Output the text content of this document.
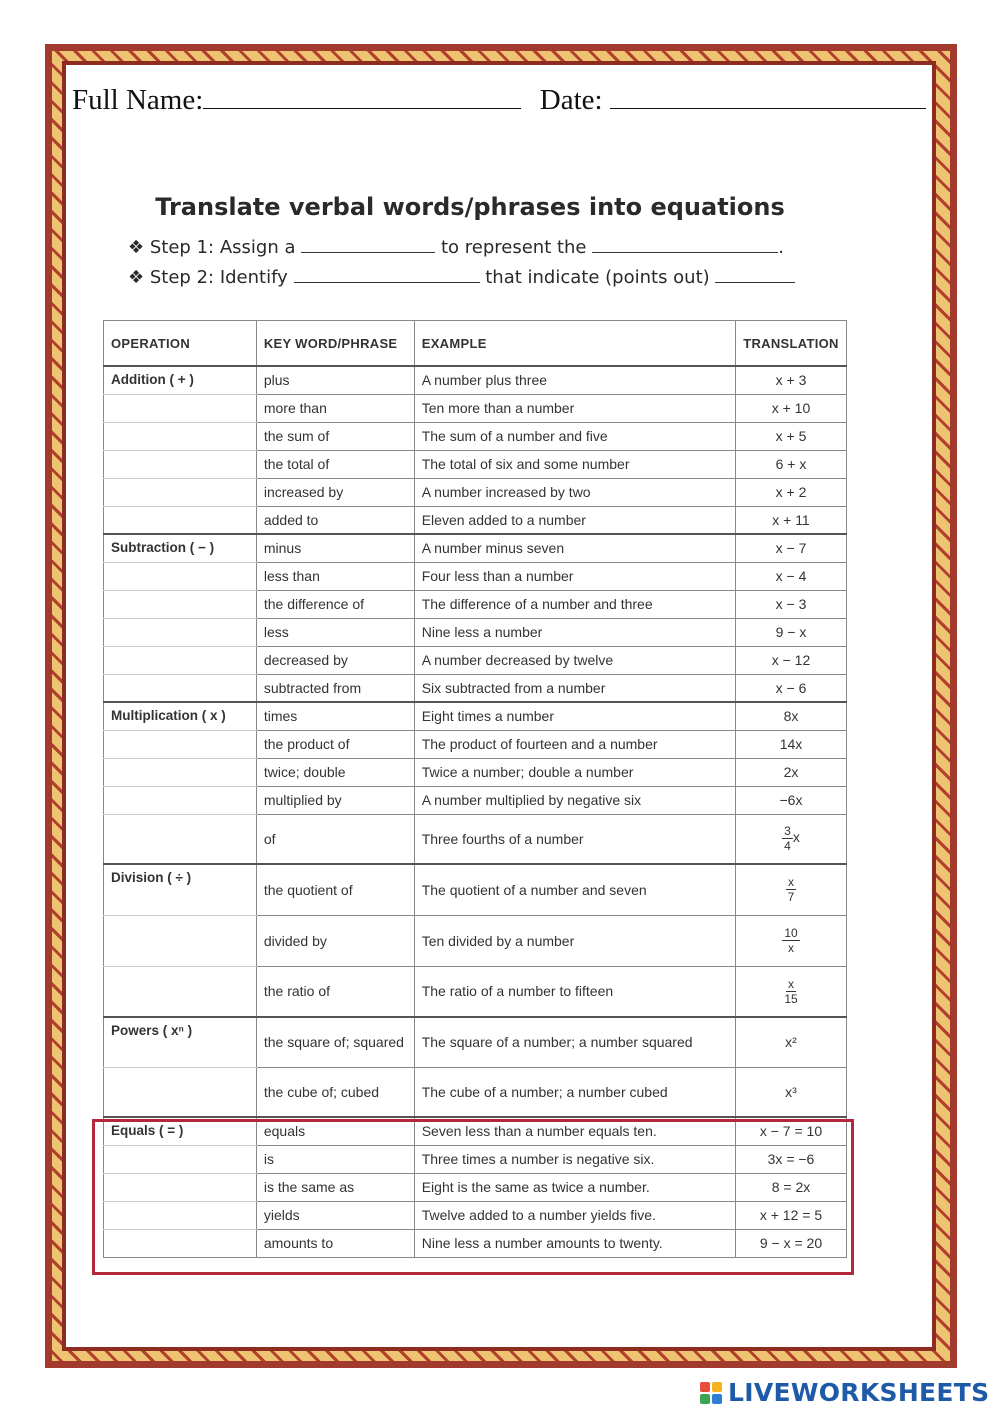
Full Name:	Date:
Translate verbal words/phrases into equations
❖ Step 1: Assign a	to represent the	.
❖ Step 2: Identify	that indicate (points out)
OPERATION	KEY WORD/PHRASE	EXAMPLE	TRANSLATION
Addition ( + )	plus	A number plus three	x + 3
	more than	Ten more than a number	x + 10
	the sum of	The sum of a number and five	x + 5
	the total of	The total of six and some number	6 + x
	increased by	A number increased by two	x + 2
	added to	Eleven added to a number	x + 11
Subtraction ( − )	minus	A number minus seven	x − 7
	less than	Four less than a number	x − 4
	the difference of	The difference of a number and three	x − 3
	less	Nine less a number	9 − x
	decreased by	A number decreased by twelve	x − 12
	subtracted from	Six subtracted from a number	x − 6
Multiplication ( x )	times	Eight times a number	8x
	the product of	The product of fourteen and a number	14x
	twice; double	Twice a number; double a number	2x
	multiplied by	A number multiplied by negative six	−6x
	of	Three fourths of a number	$\frac{3}{4}$ x
Division ( ÷ )	the quotient of	The quotient of a number and seven	$\frac{x}{7}$

	divided by	Ten divided by a number	$\frac{10}{x}$

	the ratio of	The ratio of a number to fifteen	$\frac{x}{15}$

Powers ( xⁿ )	the square of; squared	The square of a number; a number squared	x²
	the cube of; cubed	The cube of a number; a number cubed	x³
Equals ( = )	equals	Seven less than a number equals ten.	x − 7 = 10
	is	Three times a number is negative six.	3x = −6
	is the same as	Eight is the same as twice a number.	8 = 2x
	yields	Twelve added to a number yields five.	x + 12 = 5
	amounts to	Nine less a number amounts to twenty.	9 − x = 20
LIVEWORKSHEETS
